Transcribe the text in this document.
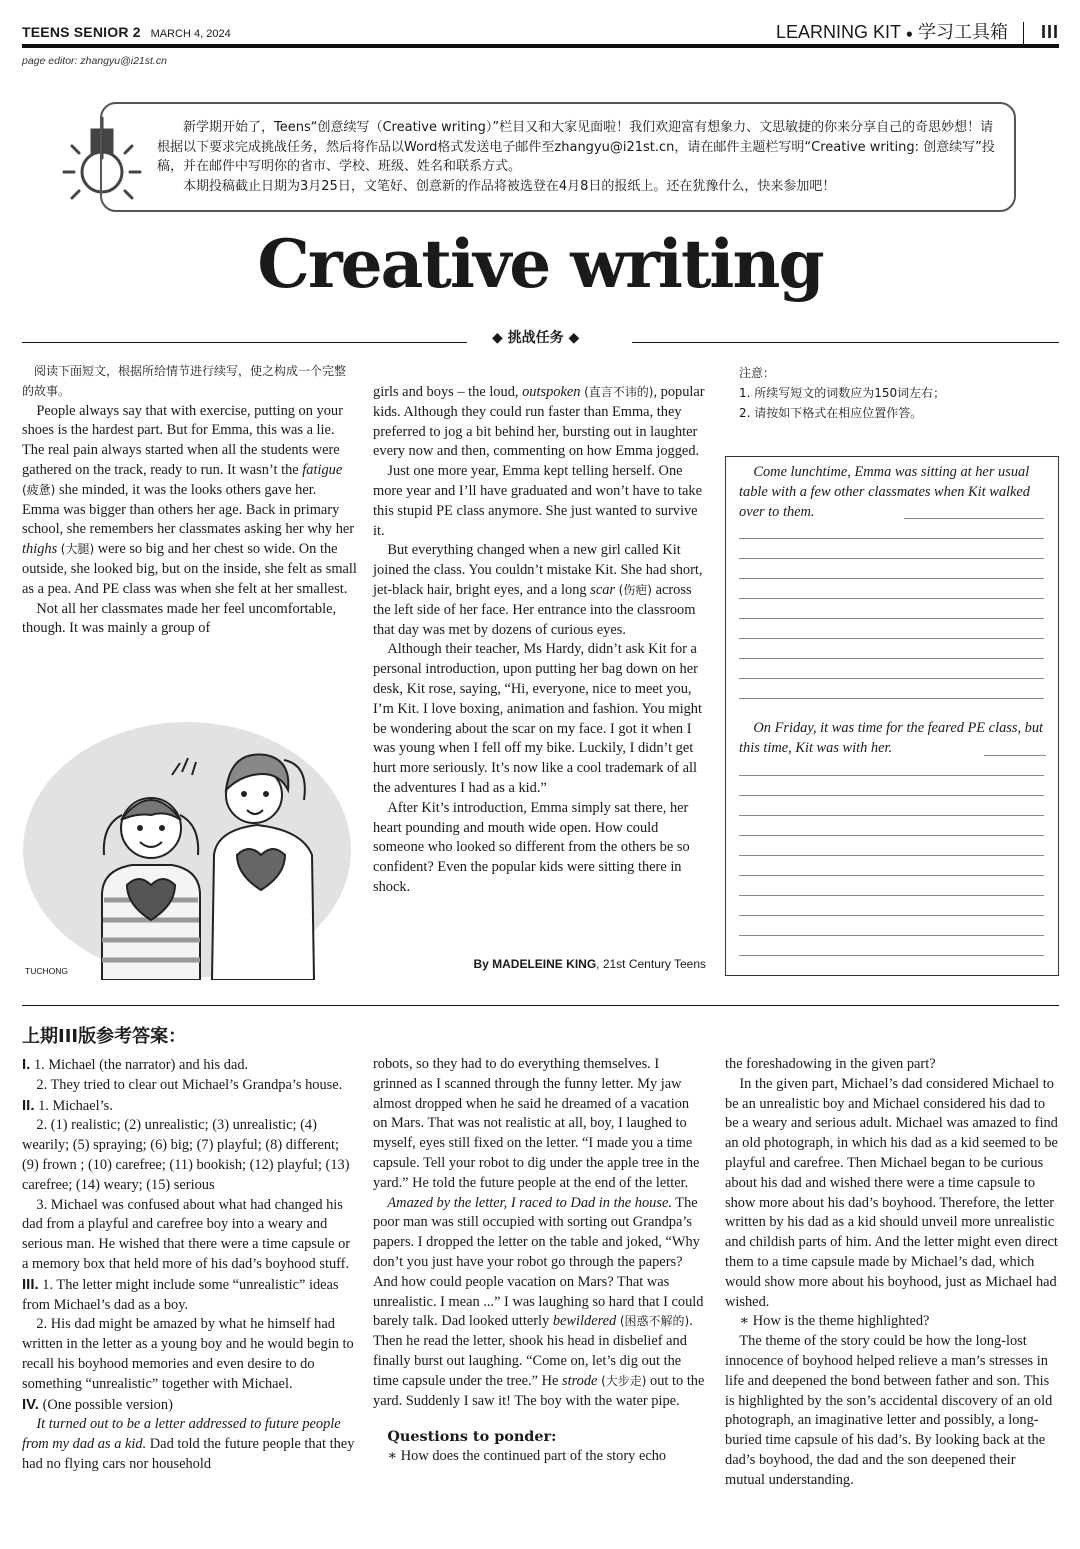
TEENS SENIOR 2 MARCH 4, 2024	LEARNING KIT ● 学习工具箱 III
page editor: zhangyu@i21st.cn

新学期开始了，Teens“创意续写（Creative writing）”栏目又和大家见面啦！我们欢迎富有想象力、文思敏捷的你来分享自己的奇思妙想！请根据以下要求完成挑战任务，然后将作品以Word格式发送电子邮件至zhangyu@i21st.cn，请在邮件主题栏写明“Creative writing: 创意续写”投稿，并在邮件中写明你的省市、学校、班级、姓名和联系方式。

本期投稿截止日期为3月25日，文笔好、创意新的作品将被选登在4月8日的报纸上。还在犹豫什么，快来参加吧！

Creative writing
◆ 挑战任务 ◆

阅读下面短文，根据所给情节进行续写，使之构成一个完整的故事。

People always say that with exercise, putting on your shoes is the hardest part. But for Emma, this was a lie. The real pain always started when all the students were gathered on the track, ready to run. It wasn’t the fatigue (疲惫) she minded, it was the looks others gave her. Emma was bigger than others her age. Back in primary school, she remembers her classmates asking her why her thighs (大腿) were so big and her chest so wide. On the outside, she looked big, but on the inside, she felt as small as a pea. And PE class was when she felt at her smallest.

Not all her classmates made her feel uncomfortable, though. It was mainly a group of

TUCHONG

girls and boys – the loud, outspoken (直言不讳的), popular kids. Although they could run faster than Emma, they preferred to jog a bit behind her, bursting out in laughter every now and then, commenting on how Emma jogged.

Just one more year, Emma kept telling herself. One more year and I’ll have graduated and won’t have to take this stupid PE class anymore. She just wanted to survive it.

But everything changed when a new girl called Kit joined the class. You couldn’t mistake Kit. She had short, jet-black hair, bright eyes, and a long scar (伤疤) across the left side of her face. Her entrance into the classroom that day was met by dozens of curious eyes.

Although their teacher, Ms Hardy, didn’t ask Kit for a personal introduction, upon putting her bag down on her desk, Kit rose, saying, “Hi, everyone, nice to meet you, I’m Kit. I love boxing, animation and fashion. You might be wondering about the scar on my face. I got it when I was young when I fell off my bike. Luckily, I didn’t get hurt more seriously. It’s now like a cool trademark of all the adventures I had as a kid.”

After Kit’s introduction, Emma simply sat there, her heart pounding and mouth wide open. How could someone who looked so different from the others be so confident? Even the popular kids were sitting there in shock.

By MADELEINE KING, 21st Century Teens

注意：

1. 所续写短文的词数应为150词左右；

2. 请按如下格式在相应位置作答。

Come lunchtime, Emma was sitting at her usual table with a few other classmates when Kit walked over to them.

On Friday, it was time for the feared PE class, but this time, Kit was with her.

上期III版参考答案：

I. 1. Michael (the narrator) and his dad.

2. They tried to clear out Michael’s Grandpa’s house.

II. 1. Michael’s.

2. (1) realistic; (2) unrealistic; (3) unrealistic; (4) wearily; (5) spraying; (6) big; (7) playful; (8) different; (9) frown ; (10) carefree; (11) bookish; (12) playful; (13) carefree; (14) weary; (15) serious

3. Michael was confused about what had changed his dad from a playful and carefree boy into a weary and serious man. He wished that there were a time capsule or a memory box that held more of his dad’s boyhood stuff.

III. 1. The letter might include some “unrealistic” ideas from Michael’s dad as a boy.

2. His dad might be amazed by what he himself had written in the letter as a young boy and he would begin to recall his boyhood memories and even desire to do something “unrealistic” together with Michael.

IV. (One possible version)

It turned out to be a letter addressed to future people from my dad as a kid. Dad told the future people that they had no flying cars nor household

robots, so they had to do everything themselves. I grinned as I scanned through the funny letter. My jaw almost dropped when he said he dreamed of a vacation on Mars. That was not realistic at all, boy, I laughed to myself, eyes still fixed on the letter. “I made you a time capsule. Tell your robot to dig under the apple tree in the yard.” He told the future people at the end of the letter.

Amazed by the letter, I raced to Dad in the house. The poor man was still occupied with sorting out Grandpa’s papers. I dropped the letter on the table and joked, “Why don’t you just have your robot go through the papers? And how could people vacation on Mars? That was unrealistic. I mean ...” I was laughing so hard that I could barely talk. Dad looked utterly bewildered (困惑不解的). Then he read the letter, shook his head in disbelief and finally burst out laughing. “Come on, let’s dig out the time capsule under the tree.” He strode (大步走) out to the yard. Suddenly I saw it! The boy with the water pipe.

Questions to ponder:

∗ How does the continued part of the story echo

the foreshadowing in the given part?

In the given part, Michael’s dad considered Michael to be an unrealistic boy and Michael considered his dad to be a weary and serious adult. Michael was amazed to find an old photograph, in which his dad as a kid seemed to be playful and carefree. Then Michael began to be curious about his dad and wished there were a time capsule to show more about his dad’s boyhood. Therefore, the letter written by his dad as a kid should unveil more unrealistic and childish parts of him. And the letter might even direct them to a time capsule made by Michael’s dad, which would show more about his boyhood, just as Michael had wished.

∗ How is the theme highlighted?

The theme of the story could be how the long-lost innocence of boyhood helped relieve a man’s stresses in life and deepened the bond between father and son. This is highlighted by the son’s accidental discovery of an old photograph, an imaginative letter and possibly, a long-buried time capsule of his dad’s. By looking back at the dad’s boyhood, the dad and the son deepened their mutual understanding.
